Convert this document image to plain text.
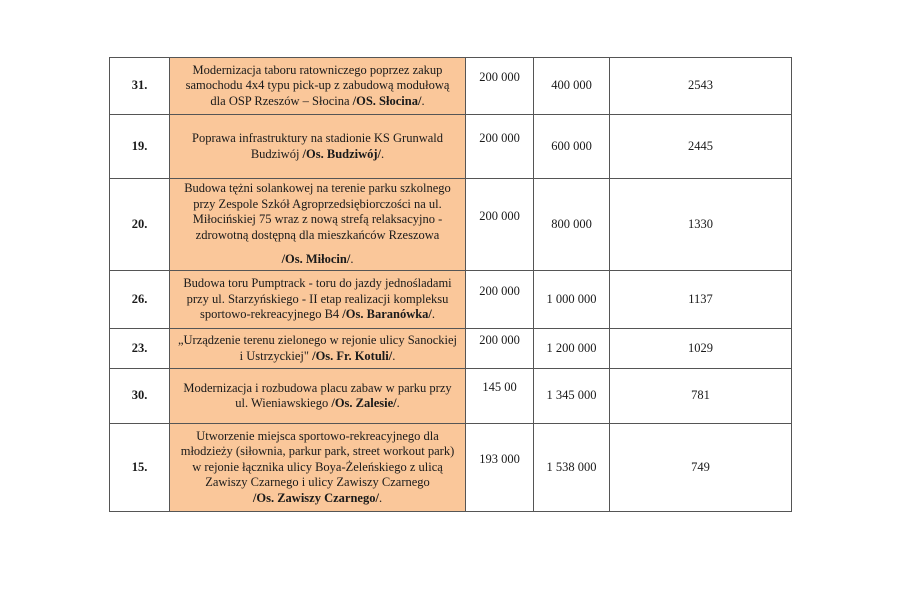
31.	Modernizacja taboru ratowniczego poprzez zakup
samochodu 4x4 typu pick-up z zabudową modułową
dla OSP Rzeszów – Słocina /OS. Słocina/.	200 000	400 000	2543
19.	Poprawa infrastruktury na stadionie KS Grunwald
Budziwój /Os. Budziwój/.	200 000	600 000	2445
20.	Budowa tężni solankowej na terenie parku szkolnego
przy Zespole Szkół Agroprzedsiębiorczości na ul.
Miłocińskiej 75 wraz z nową strefą relaksacyjno -
zdrowotną dostępną dla mieszkańców Rzeszowa
/Os. Miłocin/.	200 000	800 000	1330
26.	Budowa toru Pumptrack - toru do jazdy jednośladami
przy ul. Starzyńskiego - II etap realizacji kompleksu
sportowo-rekreacyjnego B4 /Os. Baranówka/.	200 000	1 000 000	1137
23.	„Urządzenie terenu zielonego w rejonie ulicy Sanockiej
i Ustrzyckiej" /Os. Fr. Kotuli/.	200 000	1 200 000	1029
30.	Modernizacja i rozbudowa placu zabaw w parku przy
ul. Wieniawskiego /Os. Zalesie/.	145 00	1 345 000	781
15.	Utworzenie miejsca sportowo-rekreacyjnego dla
młodzieży (siłownia, parkur park, street workout park)
w rejonie łącznika ulicy Boya-Żeleńskiego z ulicą
Zawiszy Czarnego i ulicy Zawiszy Czarnego
/Os. Zawiszy Czarnego/.	193 000	1 538 000	749
